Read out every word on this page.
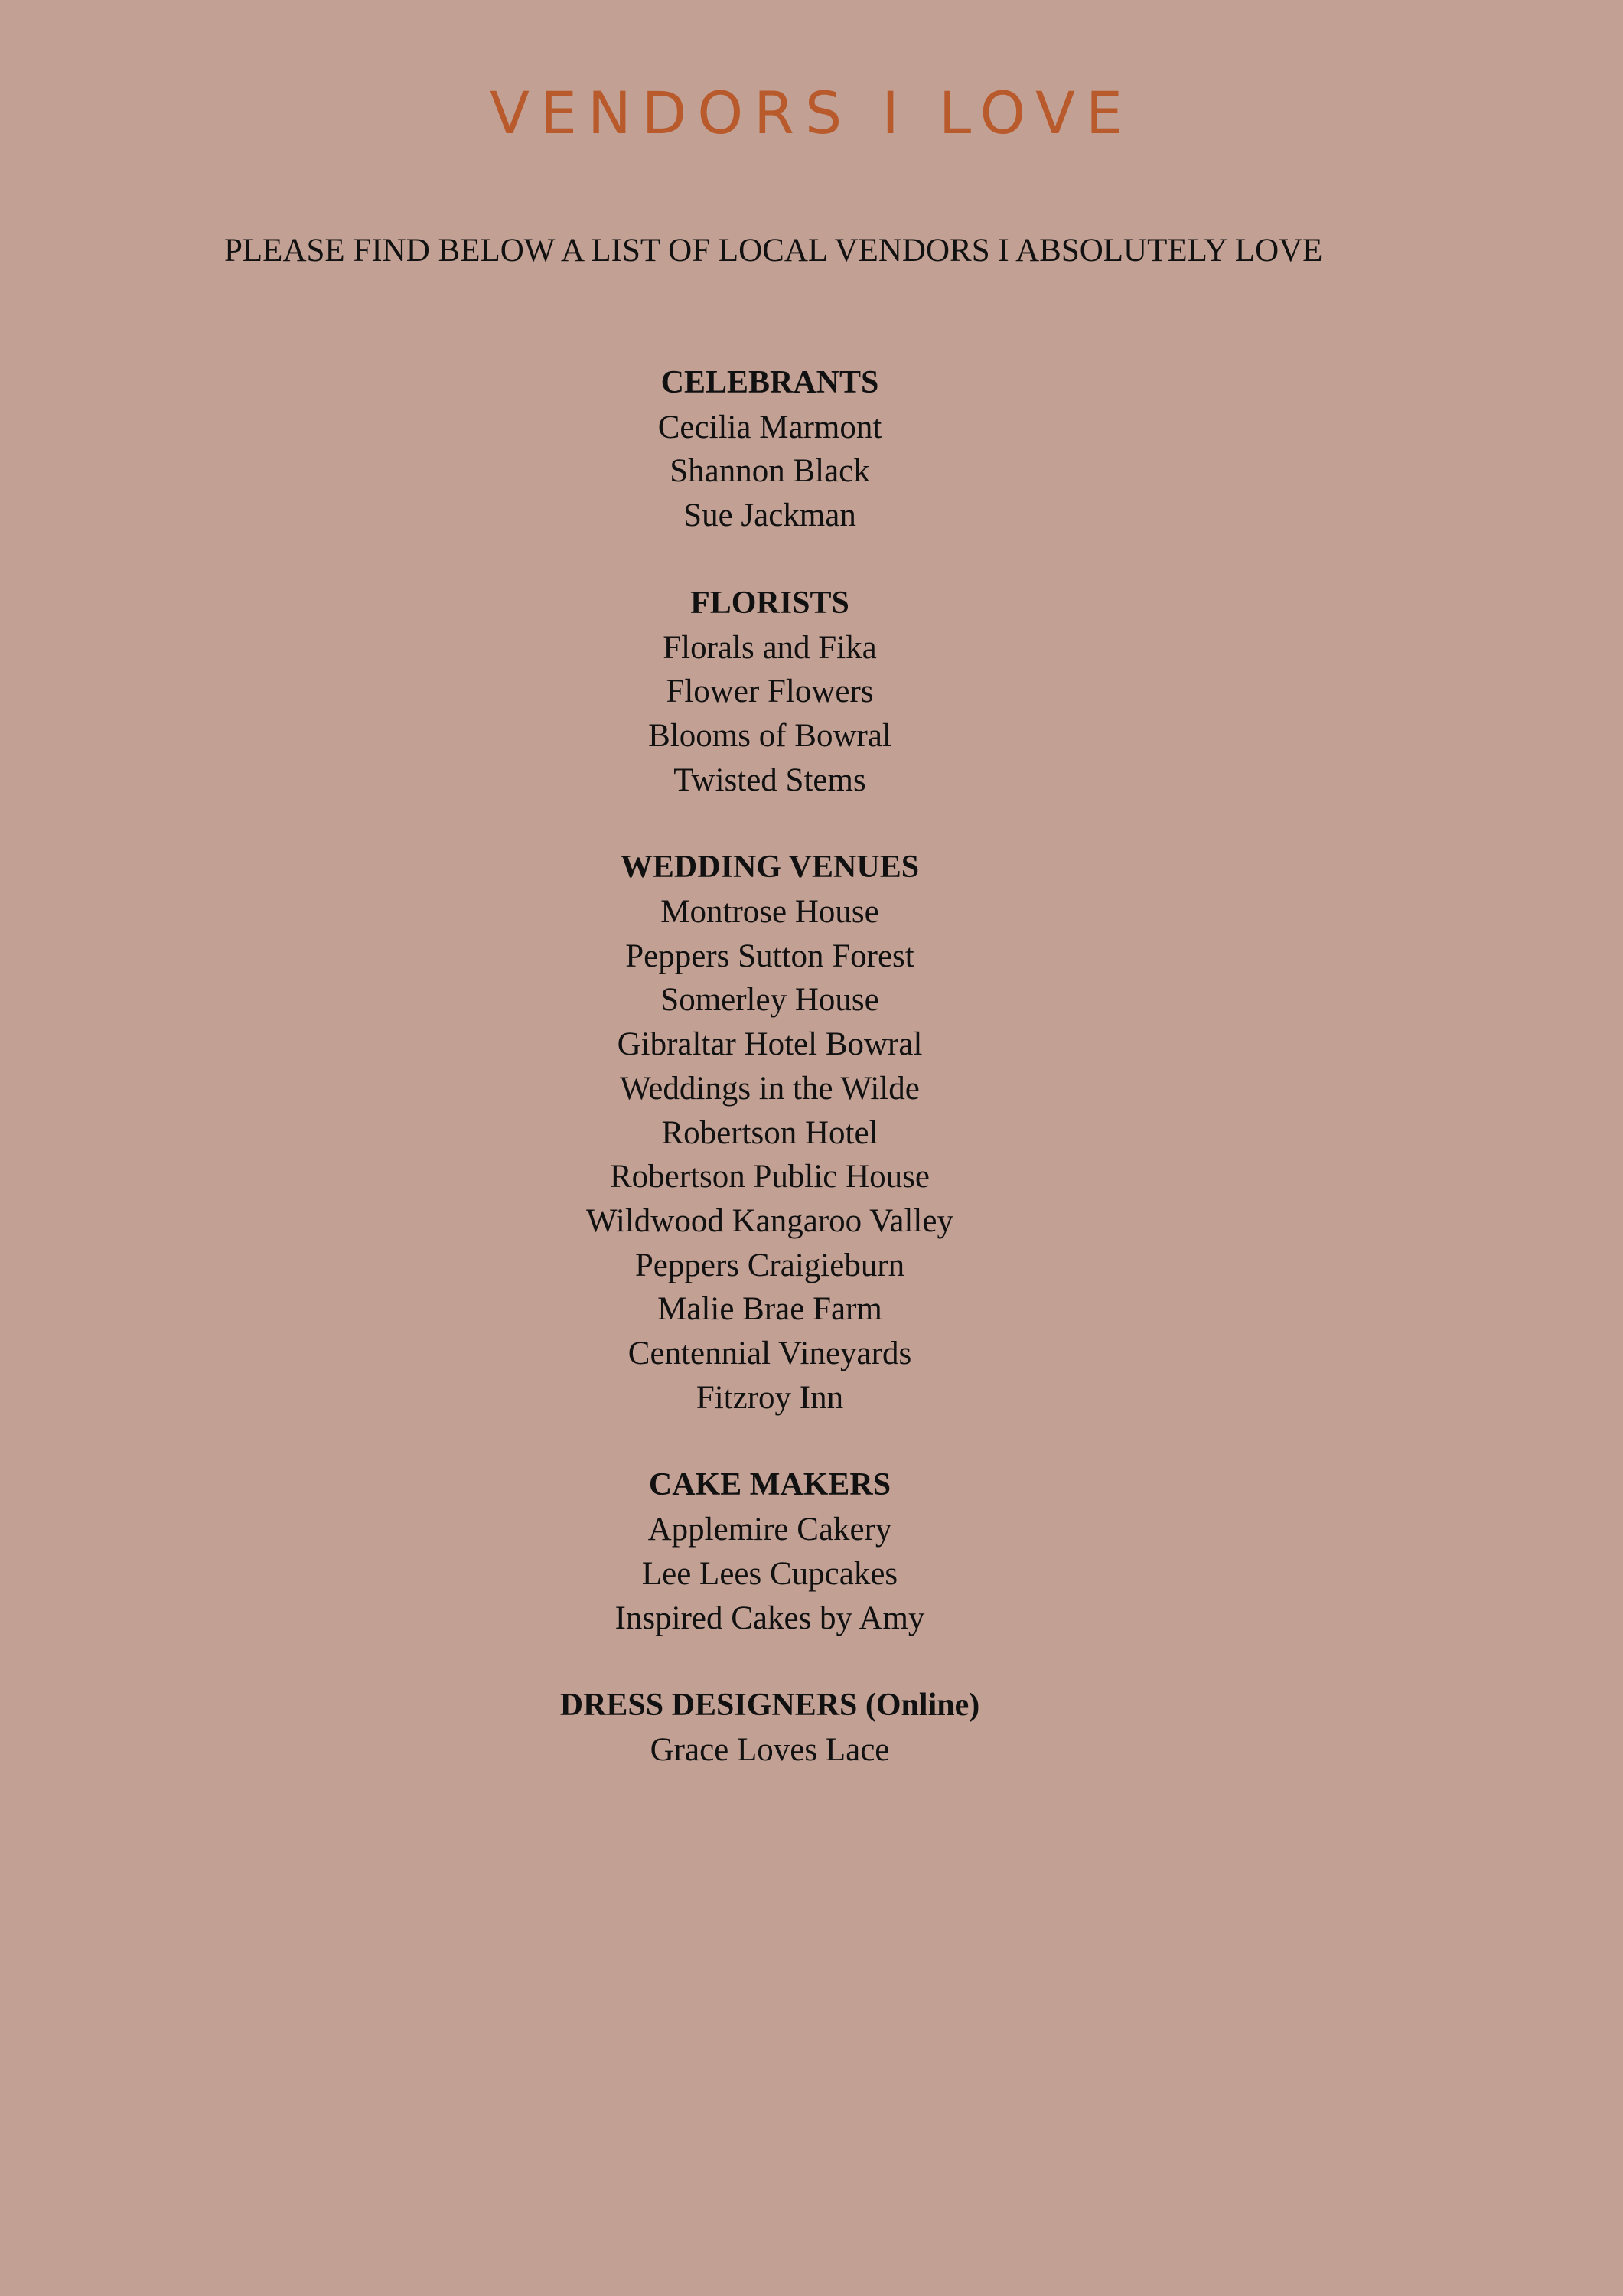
VENDORS I LOVE

PLEASE FIND BELOW A LIST OF LOCAL VENDORS I ABSOLUTELY LOVE

CELEBRANTS
Cecilia Marmont
Shannon Black
Sue Jackman
FLORISTS
Florals and Fika
Flower Flowers
Blooms of Bowral
Twisted Stems
WEDDING VENUES
Montrose House
Peppers Sutton Forest
Somerley House
Gibraltar Hotel Bowral
Weddings in the Wilde
Robertson Hotel
Robertson Public House
Wildwood Kangaroo Valley
Peppers Craigieburn
Malie Brae Farm
Centennial Vineyards
Fitzroy Inn
CAKE MAKERS
Applemire Cakery
Lee Lees Cupcakes
Inspired Cakes by Amy
DRESS DESIGNERS (Online)
Grace Loves Lace
